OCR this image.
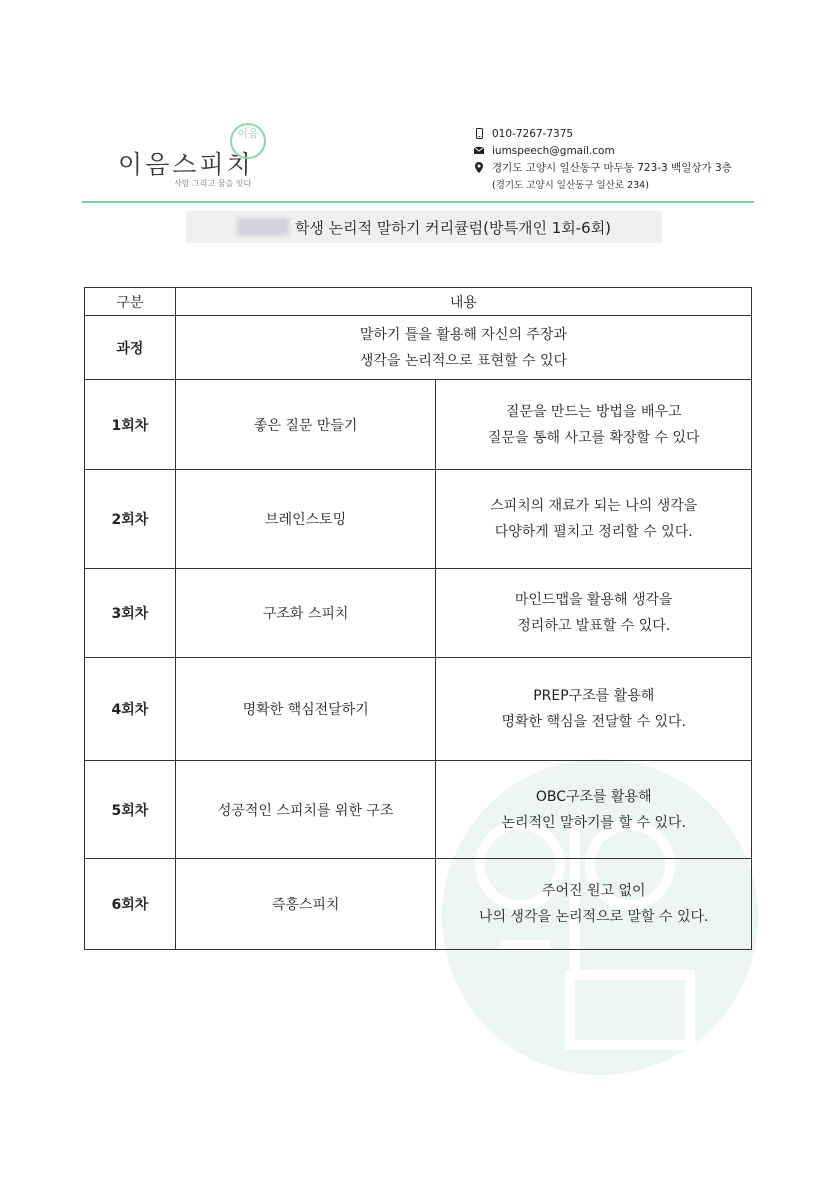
이음스피치
이음
사람 그리고 꿈을 잇다
010-7267-7375
iumspeech@gmail.com
경기도 고양시 일산동구 마두동 723-3 백일상가 3층
(경기도 고양시 일산동구 일산로 234)
학생 논리적 말하기 커리큘럼(방특개인 1회-6회)
구분	내용	
과정	말하기 틀을 활용해 자신의 주장과
생각을 논리적으로 표현할 수 있다	

1회차	좋은 질문 만들기	질문을 만드는 방법을 배우고
질문을 통해 사고를 확장할 수 있다

2회차	브레인스토밍	스피치의 재료가 되는 나의 생각을
다양하게 펼치고 정리할 수 있다.

3회차	구조화 스피치	마인드맵을 활용해 생각을
정리하고 발표할 수 있다.

4회차	명확한 핵심전달하기	PREP구조를 활용해
명확한 핵심을 전달할 수 있다.

5회차	성공적인 스피치를 위한 구조	OBC구조를 활용해
논리적인 말하기를 할 수 있다.

6회차	즉흥스피치	주어진 원고 없이
나의 생각을 논리적으로 말할 수 있다.
